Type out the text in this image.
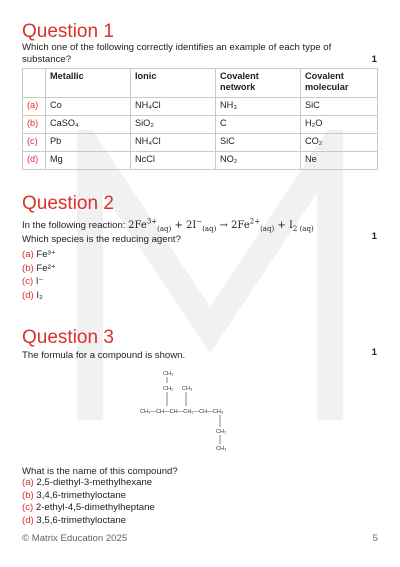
Question 1
Which one of the following correctly identifies an example of each type of substance?	1
	Metallic	Ionic	Covalent network	Covalent molecular
(a)	Co	NH₄Cl	NH₃	SiC
(b)	CaSO₄	SiO₂	C	H₂O
(c)	Pb	NH₄Cl	SiC	CO₂
(d)	Mg	NcCl	NO₂	Ne
Question 2
In the following reaction: $2Fe^{3+}_{(aq)} + 2I^-_{(aq)} \to 2Fe^{2+}_{(aq)} + I_{2 (aq)}$
1
Which species is the reducing agent?
(a) Fe³⁺
(b) Fe²⁺
(c) I⁻
(d) I₂
Question 3
The formula for a compound is shown.	1
CH₃—CH—CH—CH₂—CH—CH₃
CH₃
CH₂ CH₃
CH₂
CH₃
What is the name of this compound?
(a) 2,5-diethyl-3-methylhexane
(b) 3,4,6-trimethyloctane
(c) 2-ethyl-4,5-dimethylheptane
(d) 3,5,6-trimethyloctane
© Matrix Education 2025	5
